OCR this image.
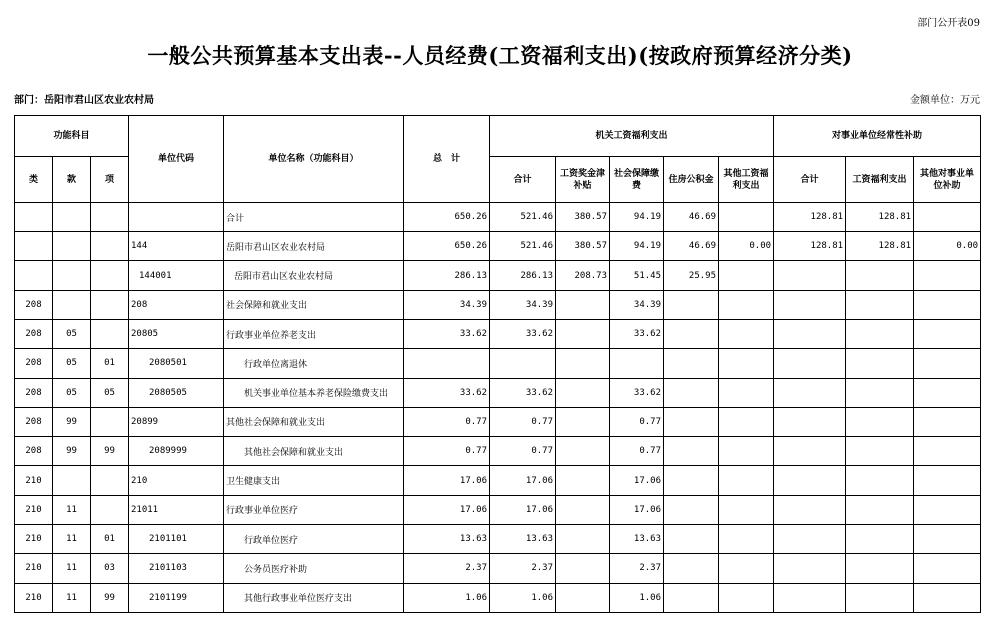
部门公开表09
一般公共预算基本支出表--人员经费(工资福利支出)(按政府预算经济分类)
部门：岳阳市君山区农业农村局	金额单位：万元
功能科目			单位代码	单位名称（功能科目）	总　计	机关工资福利支出					对事业单位经常性补助		
类	款	项				合计	工资奖金津补贴	社会保障缴费	住房公积金	其他工资福利支出	合计	工资福利支出	其他对事业单位补助
				合计	650.26	521.46	380.57	94.19	46.69		128.81	128.81	
			144	岳阳市君山区农业农村局	650.26	521.46	380.57	94.19	46.69	0.00	128.81	128.81	0.00
			144001	岳阳市君山区农业农村局	286.13	286.13	208.73	51.45	25.95				
208			208	社会保障和就业支出	34.39	34.39		34.39					
208	05		20805	行政事业单位养老支出	33.62	33.62		33.62					
208	05	01	2080501	行政单位离退休									
208	05	05	2080505	机关事业单位基本养老保险缴费支出	33.62	33.62		33.62					
208	99		20899	其他社会保障和就业支出	0.77	0.77		0.77					
208	99	99	2089999	其他社会保障和就业支出	0.77	0.77		0.77					
210			210	卫生健康支出	17.06	17.06		17.06					
210	11		21011	行政事业单位医疗	17.06	17.06		17.06					
210	11	01	2101101	行政单位医疗	13.63	13.63		13.63					
210	11	03	2101103	公务员医疗补助	2.37	2.37		2.37					
210	11	99	2101199	其他行政事业单位医疗支出	1.06	1.06		1.06					
